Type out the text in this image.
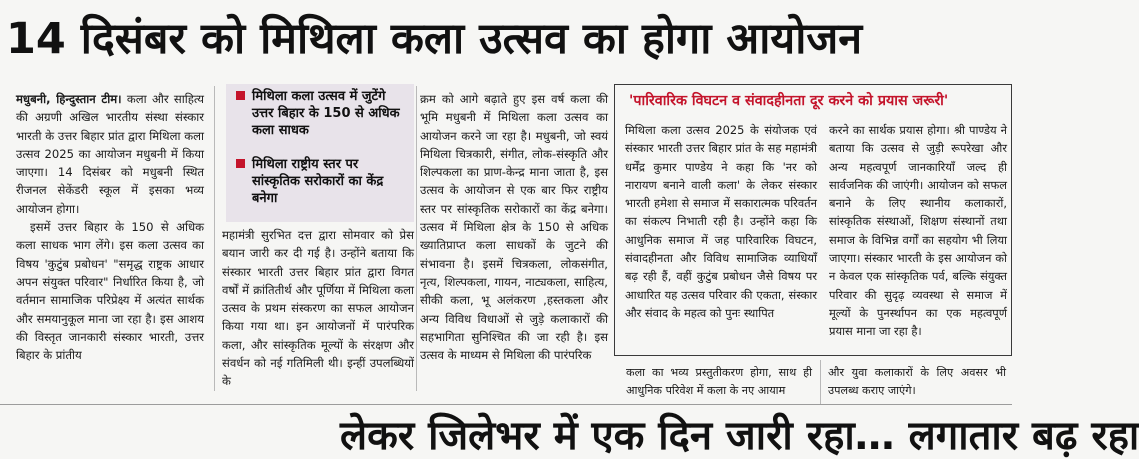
14 दिसंबर को मिथिला कला उत्सव का होगा आयोजन

मधुबनी, हिन्दुस्तान टीम। कला और साहित्य की अग्रणी अखिल भारतीय संस्था संस्कार भारती के उत्तर बिहार प्रांत द्वारा मिथिला कला उत्सव 2025 का आयोजन मधुबनी में किया जाएगा। 14 दिसंबर को मधुबनी स्थित रीजनल सेकेंडरी स्कूल में इसका भव्य आयोजन होगा।

इसमें उत्तर बिहार के 150 से अधिक कला साधक भाग लेंगे। इस कला उत्सव का विषय 'कुटुंब प्रबोधन' "समृद्ध राष्ट्रक आधार अपन संयुक्त परिवार" निर्धारित किया है, जो वर्तमान सामाजिक परिप्रेक्ष्य में अत्यंत सार्थक और समयानुकूल माना जा रहा है। इस आशय की विस्तृत जानकारी संस्कार भारती, उत्तर बिहार के प्रांतीय

मिथिला कला उत्सव में जुटेंगे उत्तर बिहार के 150 से अधिक कला साधक
मिथिला राष्ट्रीय स्तर पर सांस्कृतिक सरोकारों का केंद्र बनेगा

महामंत्री सुरभित दत्त द्वारा सोमवार को प्रेस बयान जारी कर दी गई है। उन्होंने बताया कि संस्कार भारती उत्तर बिहार प्रांत द्वारा विगत वर्षों में क्रांतितीर्थ और पूर्णिया में मिथिला कला उत्सव के प्रथम संस्करण का सफल आयोजन किया गया था। इन आयोजनों में पारंपरिक कला, और सांस्कृतिक मूल्यों के संरक्षण और संवर्धन को नई गतिमिली थी। इन्हीं उपलब्धियों के

क्रम को आगे बढ़ाते हुए इस वर्ष कला की भूमि मधुबनी में मिथिला कला उत्सव का आयोजन करने जा रहा है। मधुबनी, जो स्वयं मिथिला चित्रकारी, संगीत, लोक-संस्कृति और शिल्पकला का प्राण-केन्द्र माना जाता है, इस उत्सव के आयोजन से एक बार फिर राष्ट्रीय स्तर पर सांस्कृतिक सरोकारों का केंद्र बनेगा। उत्सव में मिथिला क्षेत्र के 150 से अधिक ख्यातिप्राप्त कला साधकों के जुटने की संभावना है। इसमें चित्रकला, लोकसंगीत, नृत्य, शिल्पकला, गायन, नाट्यकला, साहित्य, सीकी कला, भू अलंकरण ,हस्तकला और अन्य विविध विधाओं से जुड़े कलाकारों की सहभागिता सुनिश्चित की जा रही है। इस उत्सव के माध्यम से मिथिला की पारंपरिक

'पारिवारिक विघटन व संवादहीनता दूर करने को प्रयास जरूरी'

मिथिला कला उत्सव 2025 के संयोजक एवं संस्कार भारती उत्तर बिहार प्रांत के सह महामंत्री धर्मेंद्र कुमार पाण्डेय ने कहा कि 'नर को नारायण बनाने वाली कला' के लेकर संस्कार भारती हमेशा से समाज में सकारात्मक परिवर्तन का संकल्प निभाती रही है। उन्होंने कहा कि आधुनिक समाज में जह पारिवारिक विघटन, संवादहीनता और विविध सामाजिक व्याधियाँ बढ़ रही हैं, वहीं कुटुंब प्रबोधन जैसे विषय पर आधारित यह उत्सव परिवार की एकता, संस्कार और संवाद के महत्व को पुनः स्थापित

करने का सार्थक प्रयास होगा। श्री पाण्डेय ने बताया कि उत्सव से जुड़ी रूपरेखा और अन्य महत्वपूर्ण जानकारियाँ जल्द ही सार्वजनिक की जाएंगी। आयोजन को सफल बनाने के लिए स्थानीय कलाकारों, सांस्कृतिक संस्थाओं, शिक्षण संस्थानों तथा समाज के विभिन्न वर्गों का सहयोग भी लिया जाएगा। संस्कार भारती के इस आयोजन को न केवल एक सांस्कृतिक पर्व, बल्कि संयुक्त परिवार की सुदृढ़ व्यवस्था से समाज में मूल्यों के पुनर्स्थापन का एक महत्वपूर्ण प्रयास माना जा रहा है।

कला का भव्य प्रस्तुतीकरण होगा, साथ ही आधुनिक परिवेश में कला के नए आयाम

और युवा कलाकारों के लिए अवसर भी उपलब्ध कराए जाएंगे।

लेकर जिलेभर में एक दिन जारी रहा… लगातार बढ़ रहा
